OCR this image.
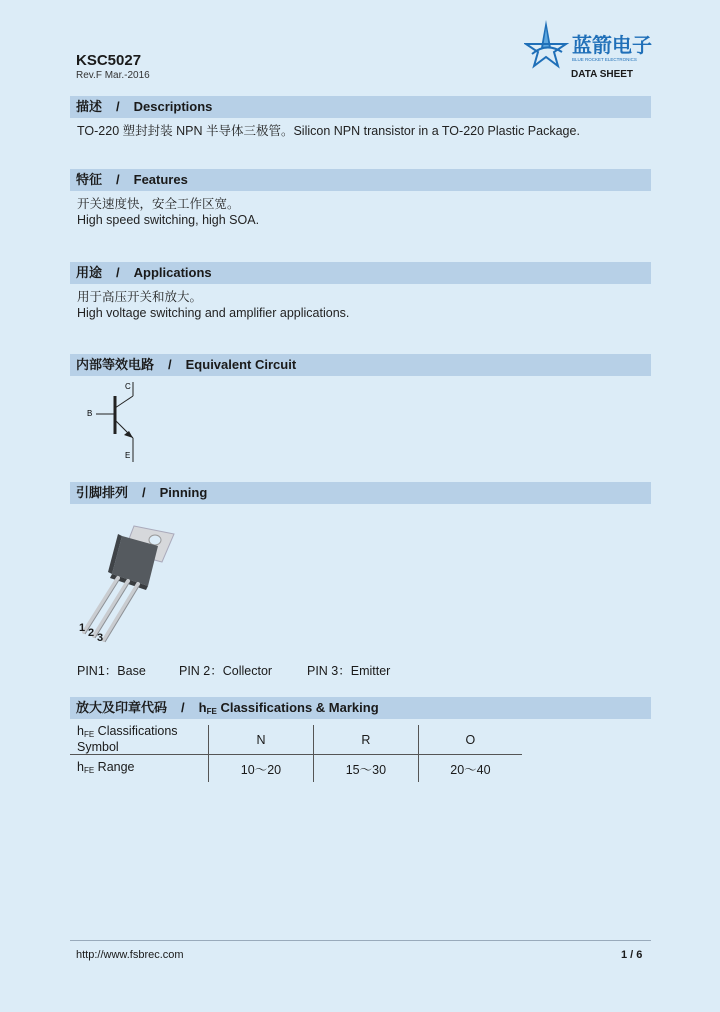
KSC5027
Rev.F Mar.-2016
蓝箭电子
BLUE ROCKET ELECTRONICS
DATA SHEET
描述 / Descriptions
TO-220 塑封封装 NPN 半导体三极管。Silicon NPN transistor in a TO-220 Plastic Package.
特征 / Features
开关速度快，安全工作区宽。
High speed switching, high SOA.
用途 / Applications
用于高压开关和放大。
High voltage switching and amplifier applications.
内部等效电路 / Equivalent Circuit
C
B
E
引脚排列 / Pinning
1 2 3
PIN1：Base	PIN 2：Collector	PIN 3：Emitter
放大及印章代码 / $h_{FE}$ Classifications & Marking
$h_{FE}$ Classifications Symbol	N	R	O
$h_{FE}$ Range	10～20	15～30	20～40
http://www.fsbrec.com	1 / 6
